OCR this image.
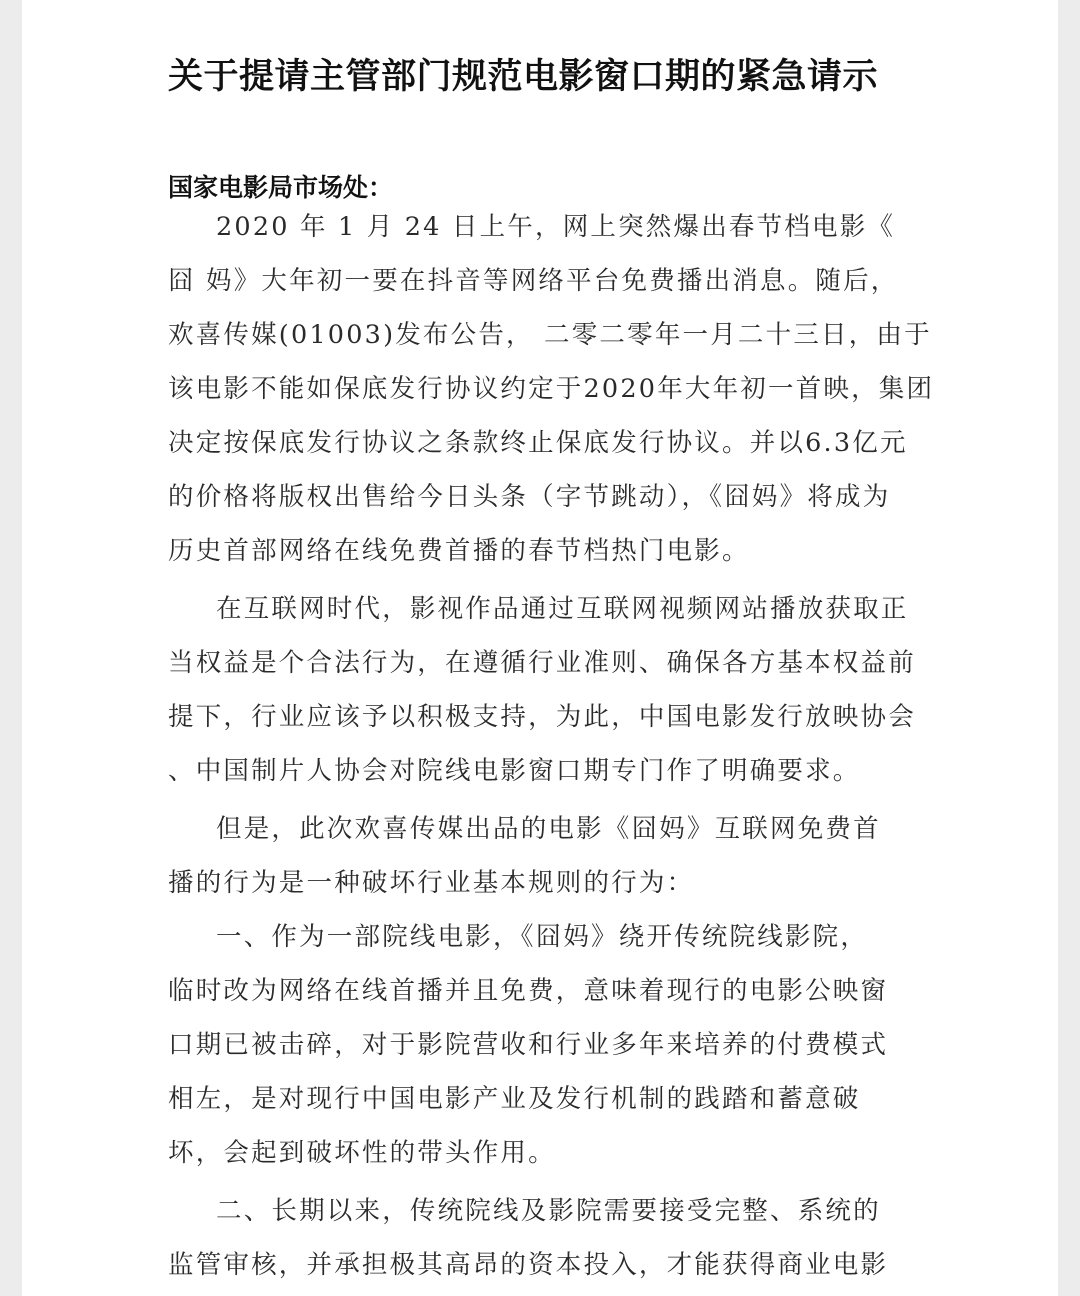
关于提请主管部门规范电影窗口期的紧急请示
国家电影局市场处：
2020 年 1 月 24 日上午，网上突然爆出春节档电影《
囧 妈》大年初一要在抖音等网络平台免费播出消息。随后，
欢喜传媒(01003)发布公告， 二零二零年一月二十三日，由于
该电影不能如保底发行协议约定于2020年大年初一首映，集团
决定按保底发行协议之条款终止保底发行协议。并以6.3亿元
的价格将版权出售给今日头条（字节跳动），《囧妈》将成为
历史首部网络在线免费首播的春节档热门电影。
在互联网时代，影视作品通过互联网视频网站播放获取正
当权益是个合法行为，在遵循行业准则、确保各方基本权益前
提下，行业应该予以积极支持，为此，中国电影发行放映协会
、中国制片人协会对院线电影窗口期专门作了明确要求。
但是，此次欢喜传媒出品的电影《囧妈》互联网免费首
播的行为是一种破坏行业基本规则的行为：
一、作为一部院线电影，《囧妈》绕开传统院线影院，
临时改为网络在线首播并且免费，意味着现行的电影公映窗
口期已被击碎，对于影院营收和行业多年来培养的付费模式
相左，是对现行中国电影产业及发行机制的践踏和蓄意破
坏，会起到破坏性的带头作用。
二、长期以来，传统院线及影院需要接受完整、系统的
监管审核，并承担极其高昂的资本投入，才能获得商业电影
